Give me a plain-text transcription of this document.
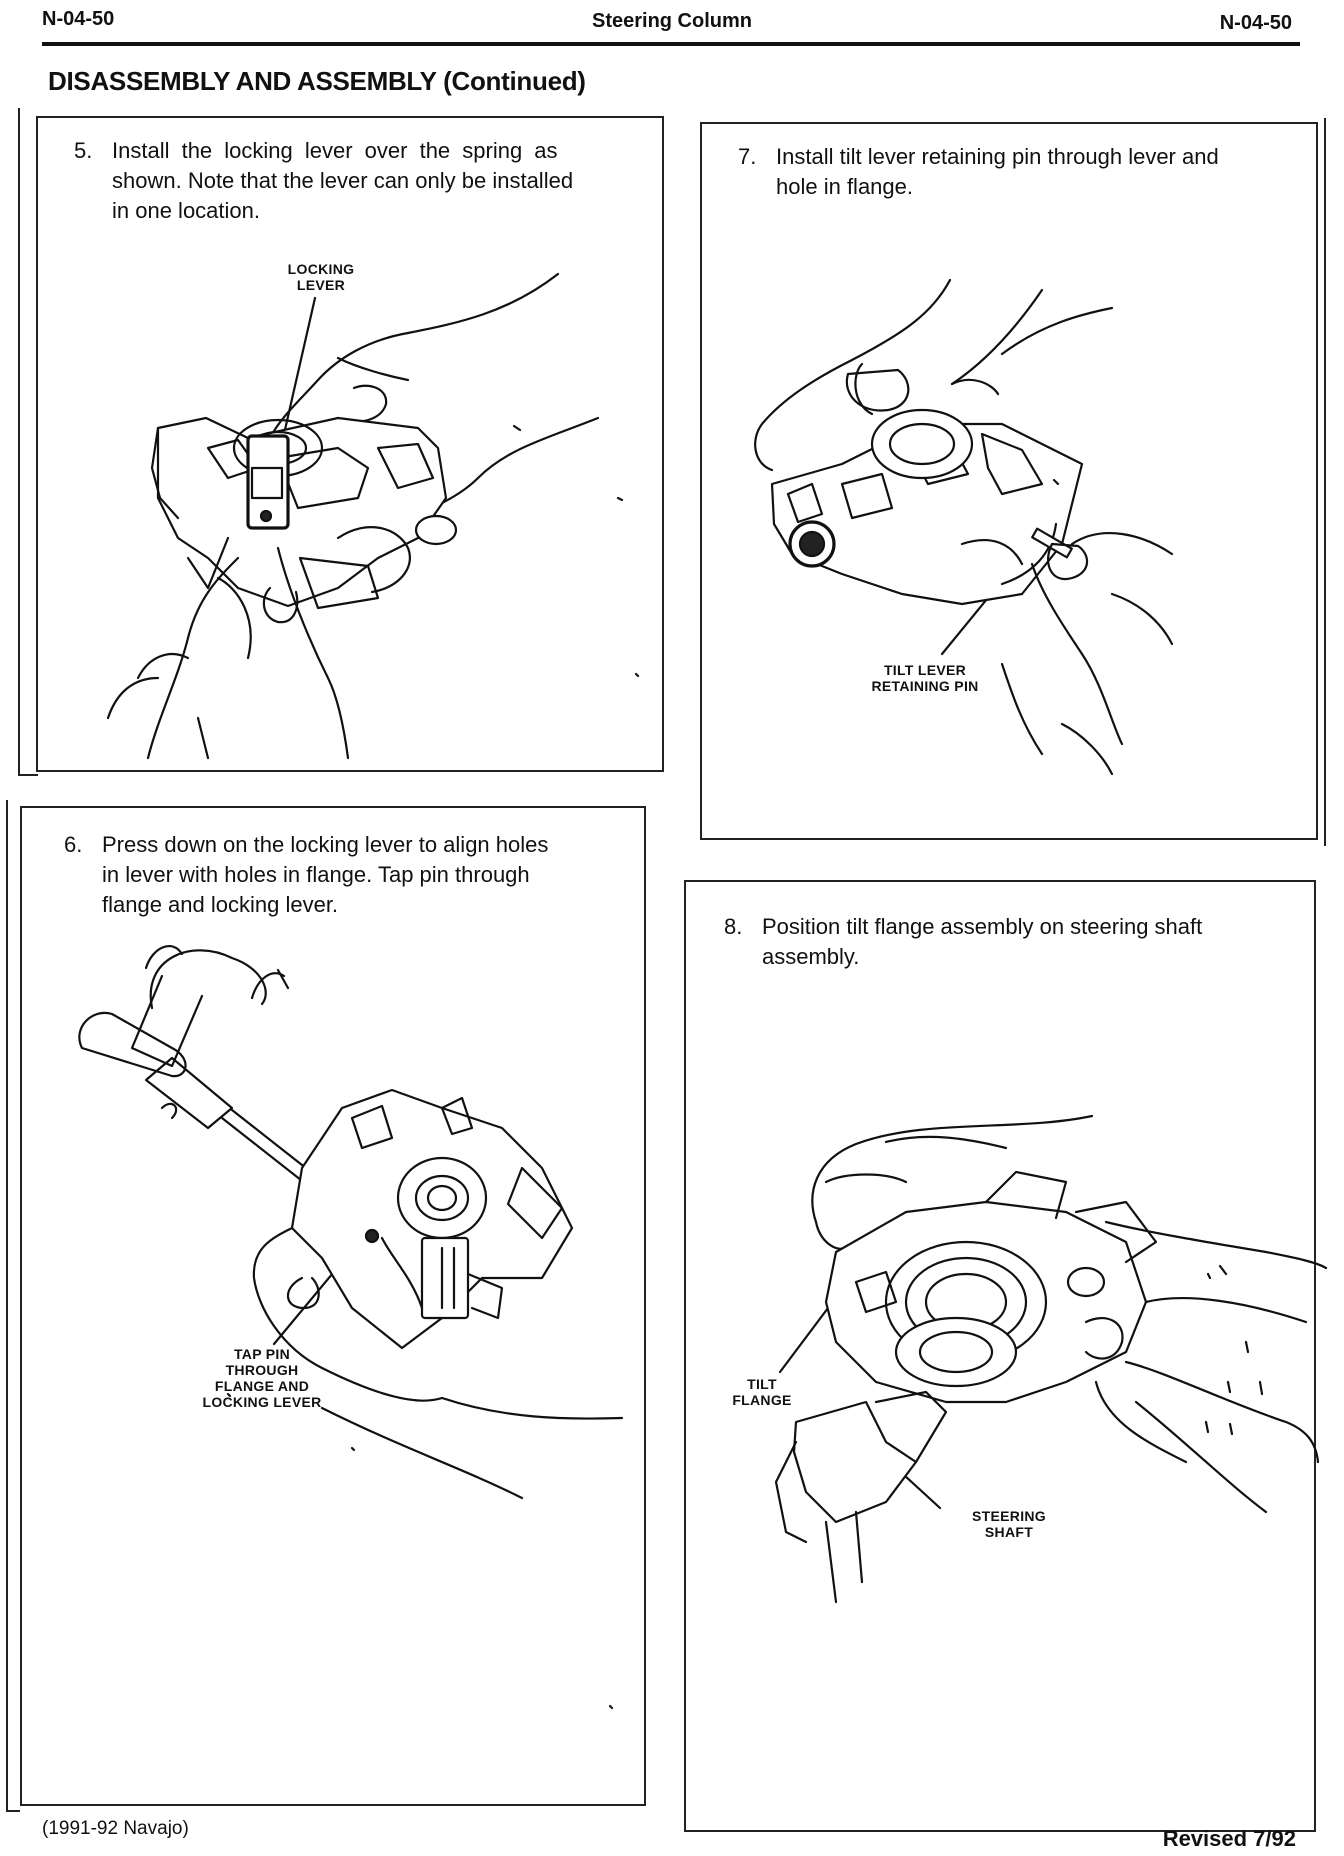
N-04-50	Steering Column	N-04-50
DISASSEMBLY AND ASSEMBLY (Continued)
5. Install the locking lever over the spring as
shown. Note that the lever can only be installed
in one location.
LOCKING
LEVER
6. Press down on the locking lever to align holes
in lever with holes in flange. Tap pin through
flange and locking lever.
TAP PIN
THROUGH
FLANGE AND
LOCKING LEVER
7. Install tilt lever retaining pin through lever and
hole in flange.
TILT LEVER
RETAINING PIN
8. Position tilt flange assembly on steering shaft
assembly.
TILT
FLANGE
STEERING
SHAFT
(1991-92 Navajo)	Revised 7/92
